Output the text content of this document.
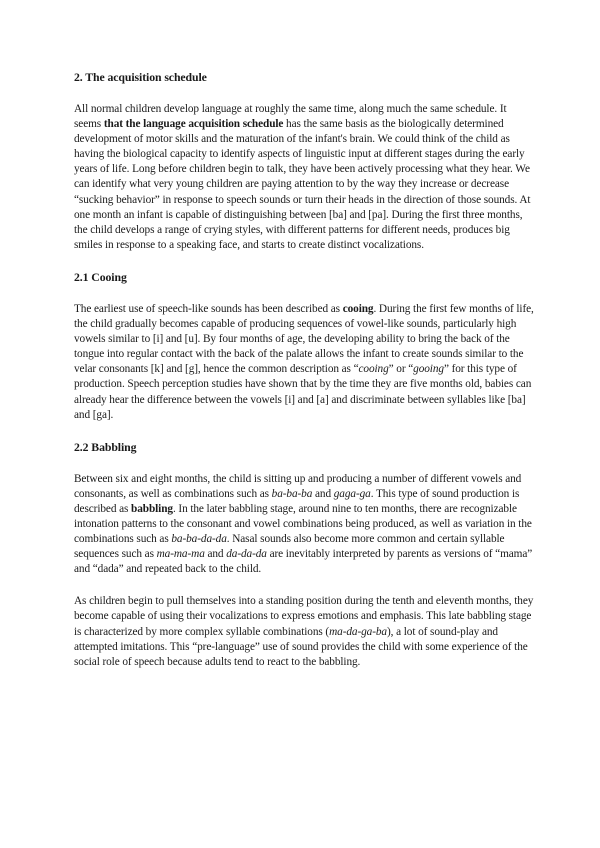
2. The acquisition schedule

All normal children develop language at roughly the same time, along much the same schedule. It seems that the language acquisition schedule has the same basis as the biologically determined development of motor skills and the maturation of the infant's brain. We could think of the child as having the biological capacity to identify aspects of linguistic input at different stages during the early years of life. Long before children begin to talk, they have been actively processing what they hear. We can identify what very young children are paying attention to by the way they increase or decrease “sucking behavior” in response to speech sounds or turn their heads in the direction of those sounds. At one month an infant is capable of distinguishing between [ba] and [pa]. During the first three months, the child develops a range of crying styles, with different patterns for different needs, produces big smiles in response to a speaking face, and starts to create distinct vocalizations.

2.1 Cooing

The earliest use of speech-like sounds has been described as cooing. During the first few months of life, the child gradually becomes capable of producing sequences of vowel-like sounds, particularly high vowels similar to [i] and [u]. By four months of age, the developing ability to bring the back of the tongue into regular contact with the back of the palate allows the infant to create sounds similar to the velar consonants [k] and [g], hence the common description as “cooing” or “gooing” for this type of production. Speech perception studies have shown that by the time they are five months old, babies can already hear the difference between the vowels [i] and [a] and discriminate between syllables like [ba] and [ga].

2.2 Babbling

Between six and eight months, the child is sitting up and producing a number of different vowels and consonants, as well as combinations such as ba-ba-ba and gaga-ga. This type of sound production is described as babbling. In the later babbling stage, around nine to ten months, there are recognizable intonation patterns to the consonant and vowel combinations being produced, as well as variation in the combinations such as ba-ba-da-da. Nasal sounds also become more common and certain syllable sequences such as ma-ma-ma and da-da-da are inevitably interpreted by parents as versions of “mama” and “dada” and repeated back to the child.

As children begin to pull themselves into a standing position during the tenth and eleventh months, they become capable of using their vocalizations to express emotions and emphasis. This late babbling stage is characterized by more complex syllable combinations (ma-da-ga-ba), a lot of sound-play and attempted imitations. This “pre-language” use of sound provides the child with some experience of the social role of speech because adults tend to react to the babbling.
